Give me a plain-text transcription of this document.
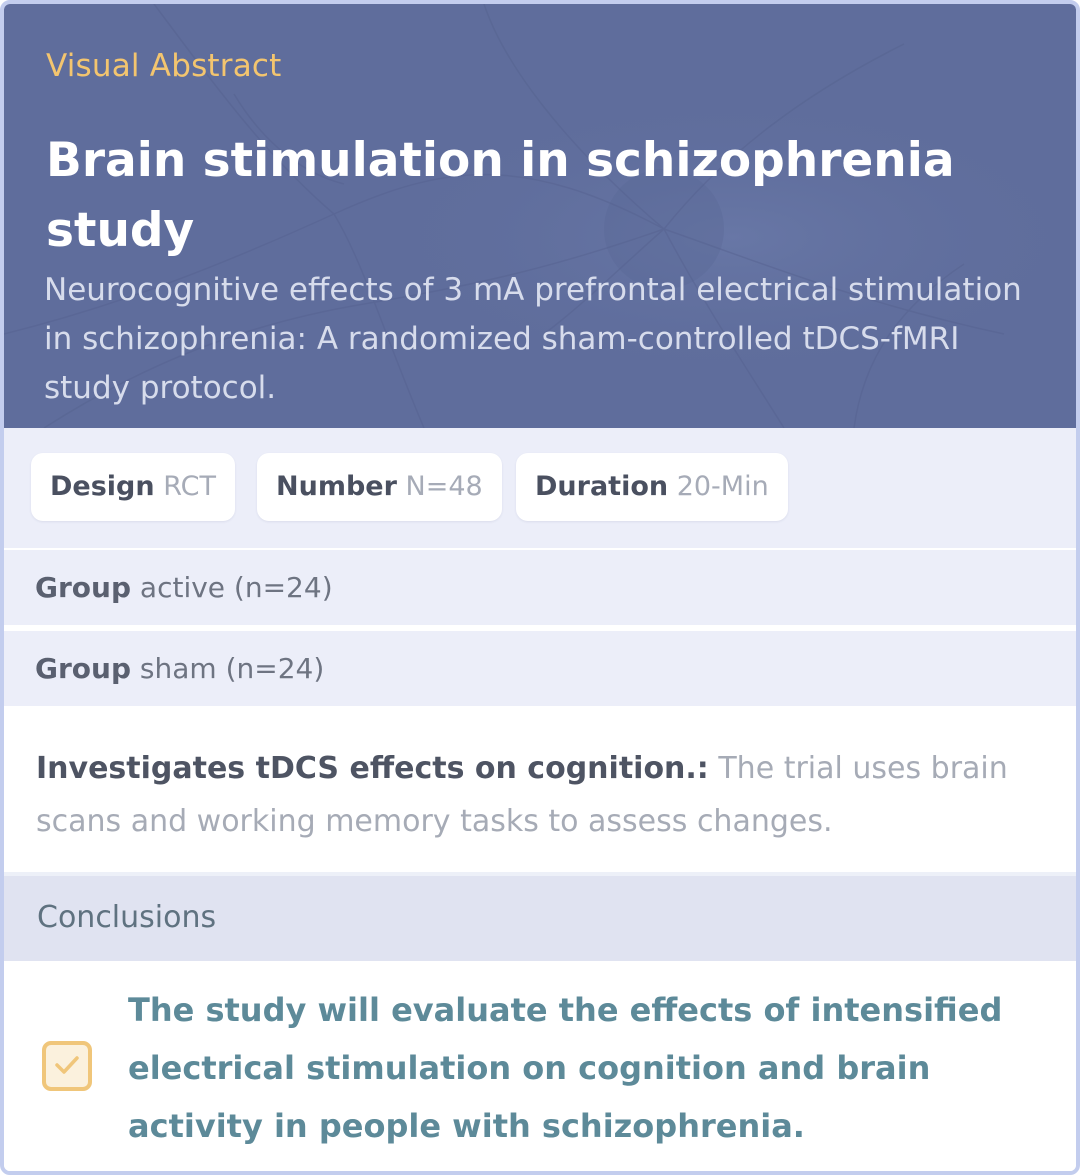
Visual Abstract
Brain stimulation in schizophrenia study
Neurocognitive effects of 3 mA prefrontal electrical stimulation in schizophrenia: A randomized sham-controlled tDCS-fMRI study protocol.
Design RCT	Number N=48	Duration 20-Min
Group active (n=24)
Group sham (n=24)

Investigates tDCS effects on cognition.: The trial uses brain scans and working memory tasks to assess changes.

Conclusions
The study will evaluate the effects of intensified electrical stimulation on cognition and brain activity in people with schizophrenia.
